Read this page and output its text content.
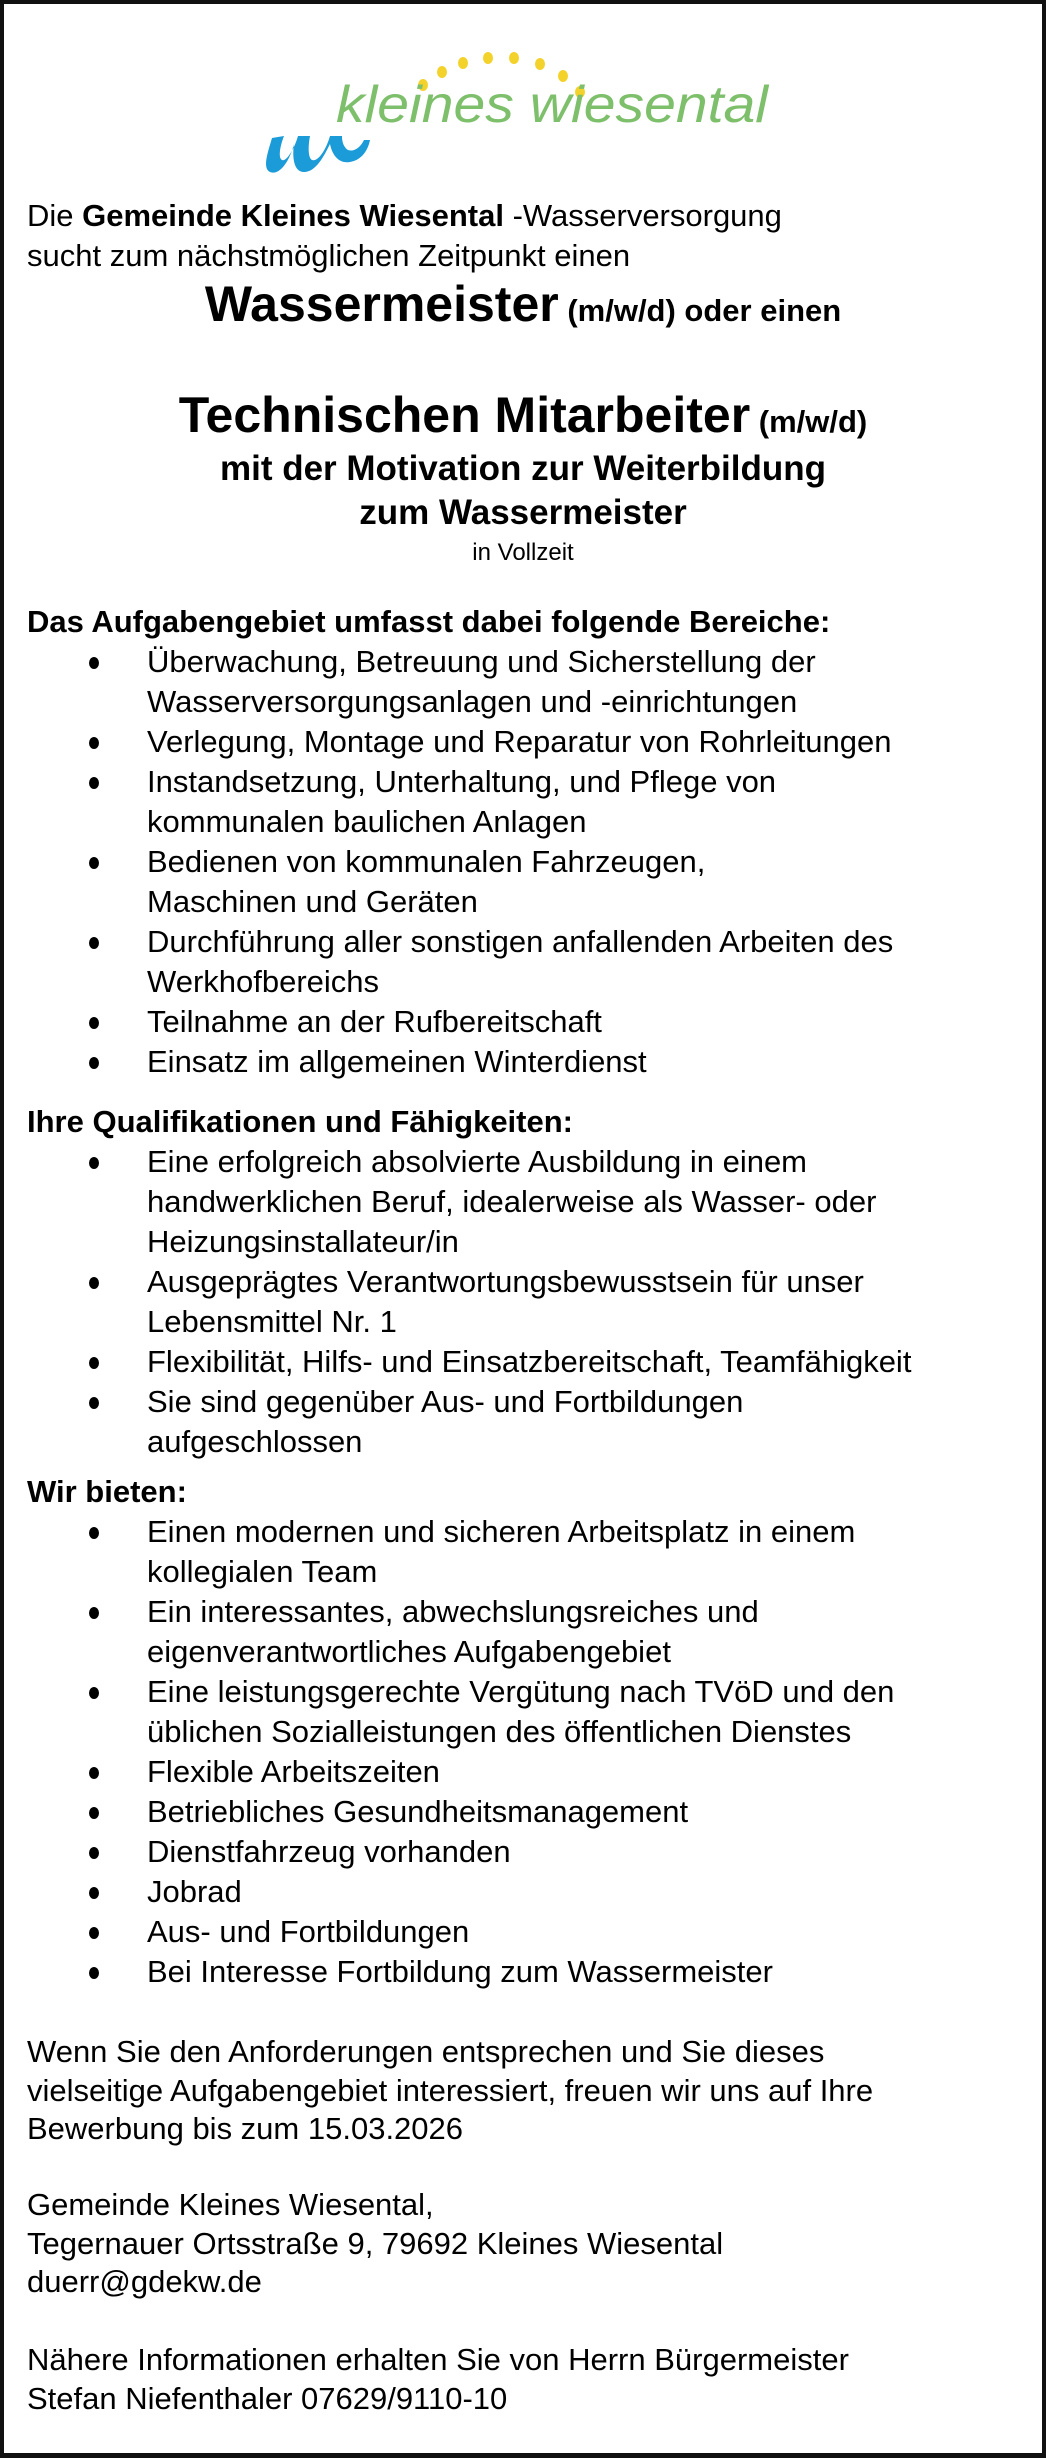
kleines wiesental
Die Gemeinde Kleines Wiesental -Wasserversorgung
sucht zum nächstmöglichen Zeitpunkt einen
Wassermeister (m/w/d) oder einen
Technischen Mitarbeiter (m/w/d)
mit der Motivation zur Weiterbildung
zum Wassermeister
in Vollzeit
Das Aufgabengebiet umfasst dabei folgende Bereiche:
Überwachung, Betreuung und Sicherstellung der
Wasserversorgungsanlagen und -einrichtungen
Verlegung, Montage und Reparatur von Rohrleitungen
Instandsetzung, Unterhaltung, und Pflege von
kommunalen baulichen Anlagen
Bedienen von kommunalen Fahrzeugen,
Maschinen und Geräten
Durchführung aller sonstigen anfallenden Arbeiten des
Werkhofbereichs
Teilnahme an der Rufbereitschaft
Einsatz im allgemeinen Winterdienst
Ihre Qualifikationen und Fähigkeiten:
Eine erfolgreich absolvierte Ausbildung in einem
handwerklichen Beruf, idealerweise als Wasser- oder
Heizungsinstallateur/in
Ausgeprägtes Verantwortungsbewusstsein für unser
Lebensmittel Nr. 1
Flexibilität, Hilfs- und Einsatzbereitschaft, Teamfähigkeit
Sie sind gegenüber Aus- und Fortbildungen
aufgeschlossen
Wir bieten:
Einen modernen und sicheren Arbeitsplatz in einem
kollegialen Team
Ein interessantes, abwechslungsreiches und
eigenverantwortliches Aufgabengebiet
Eine leistungsgerechte Vergütung nach TVöD und den
üblichen Sozialleistungen des öffentlichen Dienstes
Flexible Arbeitszeiten
Betriebliches Gesundheitsmanagement
Dienstfahrzeug vorhanden
Jobrad
Aus- und Fortbildungen
Bei Interesse Fortbildung zum Wassermeister
Wenn Sie den Anforderungen entsprechen und Sie dieses
vielseitige Aufgabengebiet interessiert, freuen wir uns auf Ihre
Bewerbung bis zum 15.03.2026
Gemeinde Kleines Wiesental,
Tegernauer Ortsstraße 9, 79692 Kleines Wiesental
duerr@gdekw.de
Nähere Informationen erhalten Sie von Herrn Bürgermeister
Stefan Niefenthaler 07629/9110-10
